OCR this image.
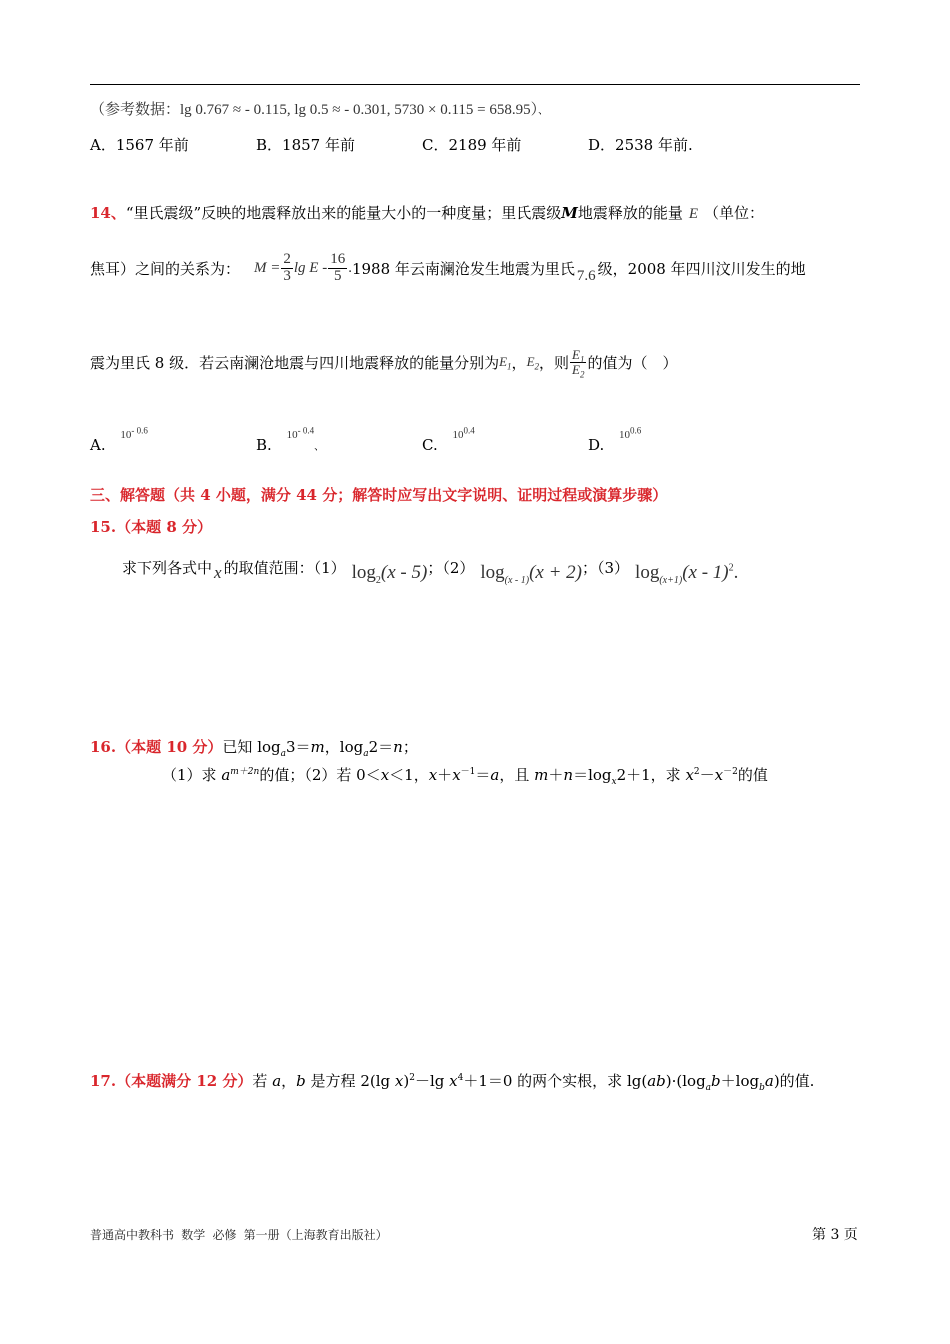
（参考数据：lg 0.767 ≈ - 0.115, lg 0.5 ≈ - 0.301, 5730 × 0.115 = 658.95）、
A．1567 年前	B．1857 年前	C．2189 年前	D．2538 年前.
14、“里氏震级”反映的地震释放出来的能量大小的一种度量；里氏震级M地震释放的能量 E （单位：
焦耳）之间的关系为： $M = \frac{2}{3}$ lg E - $\frac{16}{5}$ . 1988 年云南澜沧发生地震为里氏 7.6 级，2008 年四川汶川发生的地
震为里氏 8 级．若云南澜沧地震与四川地震释放的能量分别为 $E_1$ ， $E_2$ ，则 $\frac{E_1}{E_2}$ 的值为（　）
A. $^{10^{- 0.6}}$
B. $^{10^{- 0.4}}$、	C. $^{10^{0.4}}$
D. $^{10^{0.6}}$
三、解答题（共 4 小题，满分 44 分；解答时应写出文字说明、证明过程或演算步骤）
15.（本题 8 分）
求下列各式中 x 的取值范围：（1） $\log_2(x - 5)$ ；（2） $\log_{(x - 1)}(x + 2)$ ；（3） $\log_{(x+1)}(x - 1)^2$.
16.（本题 10 分）已知 $\log_a3=m$，$\log_a2=n$；
（1）求 $a^{m+2n}$的值；（2）若 0＜x＜1，$x+x^{-1}=a$，且 $m+n=\log_x2+1$，求 $x^2-x^{-2}$的值
17.（本题满分 12 分）若 a，b 是方程 2(lg x)$^2$－lg $x^4+1=0$ 的两个实根，求 $\lg(ab)\cdot(\log_ab+\log_ba)$的值.
普通高中教科书 数学 必修 第一册（上海教育出版社）	第 3 页
